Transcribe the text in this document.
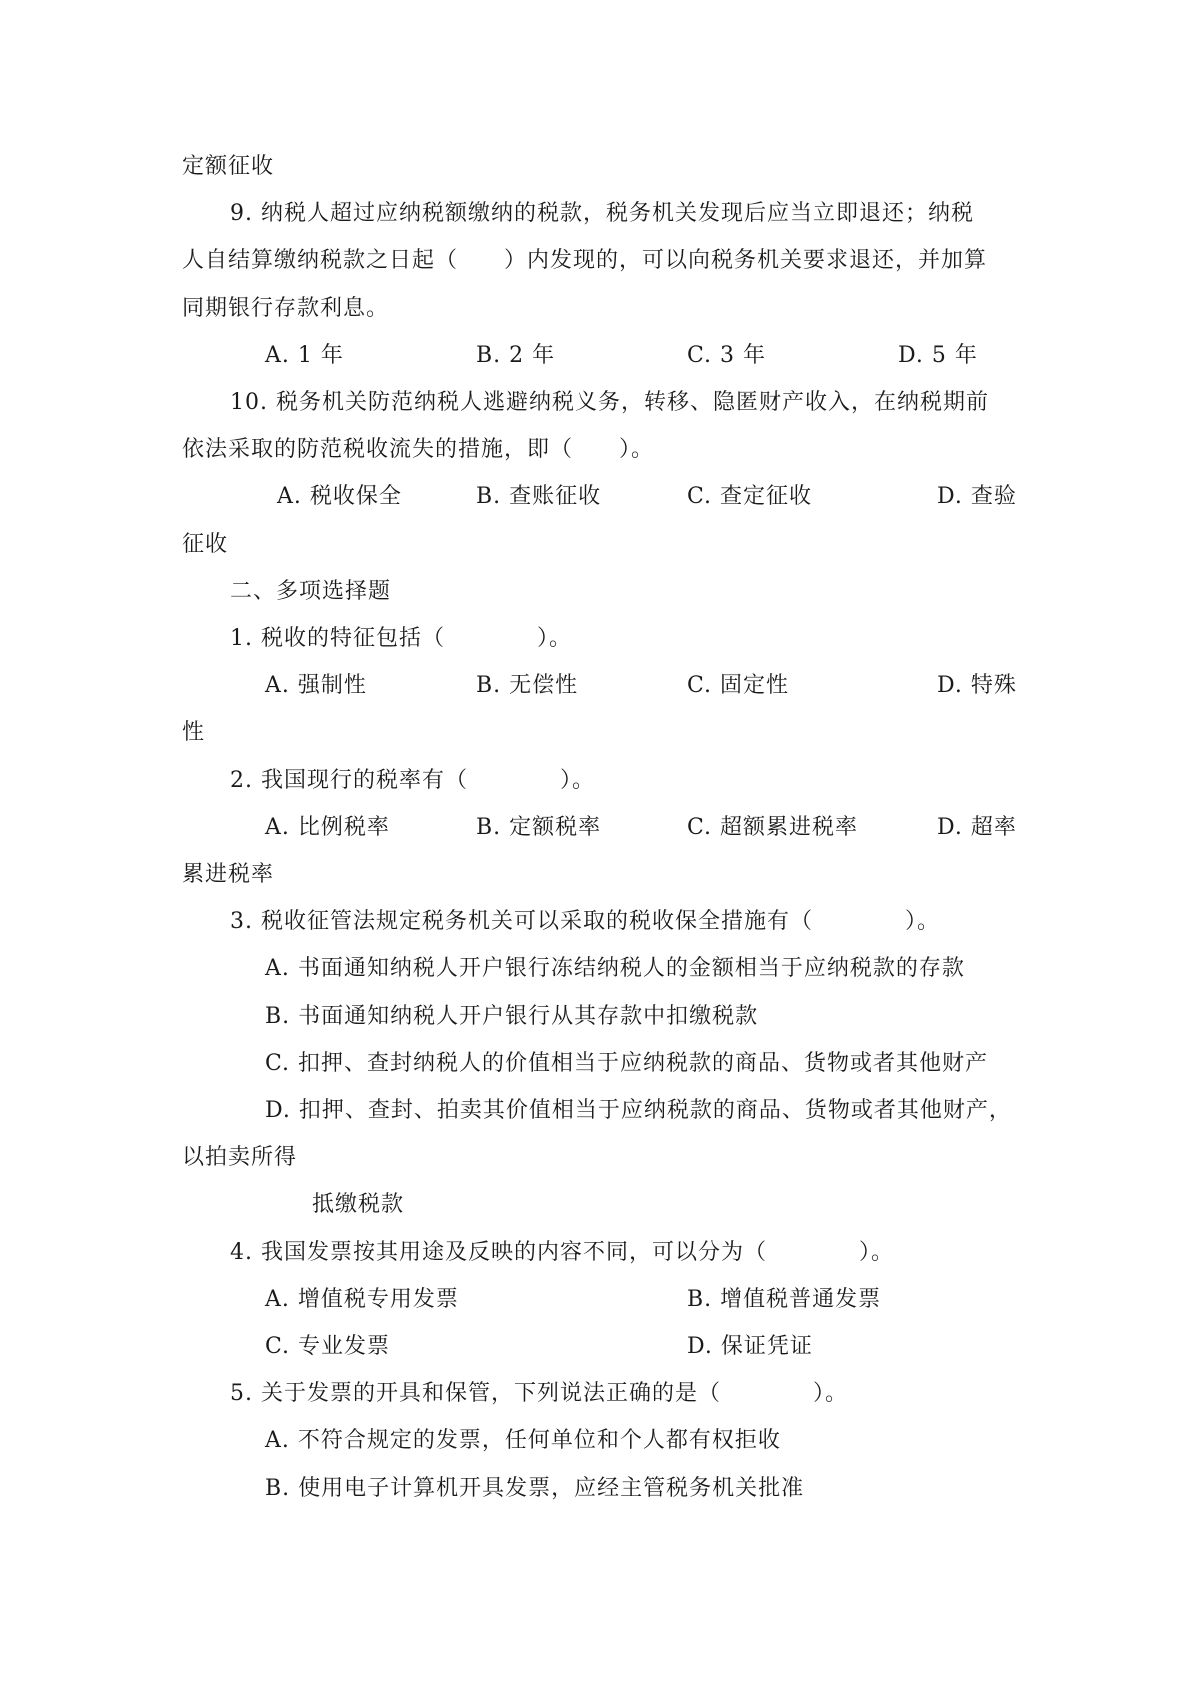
定额征收
9. 纳税人超过应纳税额缴纳的税款，税务机关发现后应当立即退还；纳税
人自结算缴纳税款之日起（　　）内发现的，可以向税务机关要求退还，并加算
同期银行存款利息。
A. 1 年	B. 2 年	C. 3 年	D. 5 年
10. 税务机关防范纳税人逃避纳税义务，转移、隐匿财产收入，在纳税期前
依法采取的防范税收流失的措施，即（　　）。
A. 税收保全	B. 查账征收	C. 查定征收	D. 查验
征收
二、多项选择题
1. 税收的特征包括（　　　　）。
A. 强制性	B. 无偿性	C. 固定性	D. 特殊
性
2. 我国现行的税率有（　　　　）。
A. 比例税率	B. 定额税率	C. 超额累进税率	D. 超率
累进税率
3. 税收征管法规定税务机关可以采取的税收保全措施有（　　　　）。
A. 书面通知纳税人开户银行冻结纳税人的金额相当于应纳税款的存款
B. 书面通知纳税人开户银行从其存款中扣缴税款
C. 扣押、查封纳税人的价值相当于应纳税款的商品、货物或者其他财产
D. 扣押、查封、拍卖其价值相当于应纳税款的商品、货物或者其他财产，
以拍卖所得
抵缴税款
4. 我国发票按其用途及反映的内容不同，可以分为（　　　　）。
A. 增值税专用发票	B. 增值税普通发票
C. 专业发票	D. 保证凭证
5. 关于发票的开具和保管，下列说法正确的是（　　　　）。
A. 不符合规定的发票，任何单位和个人都有权拒收
B. 使用电子计算机开具发票，应经主管税务机关批准
